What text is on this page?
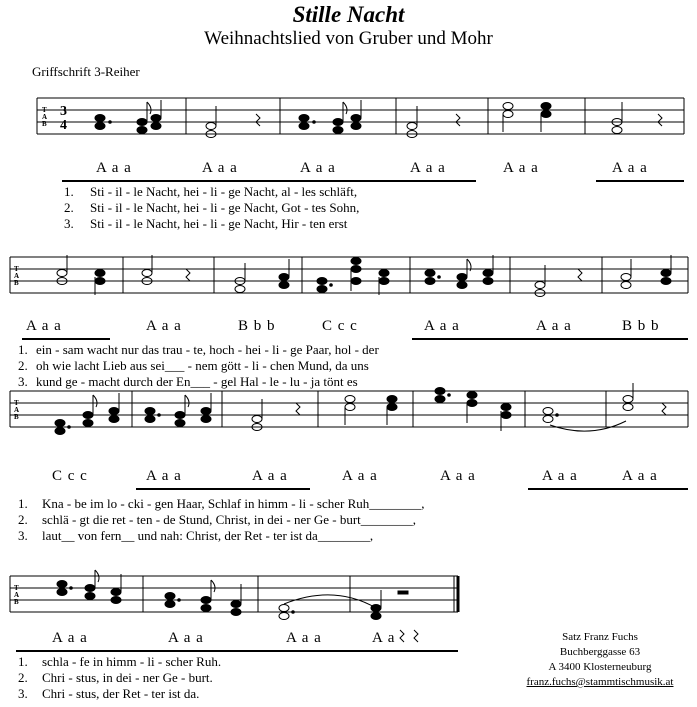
Stille Nacht
Weihnachtslied von Gruber und Mohr
Griffschrift 3-Reiher
T
A
B
3
4
A a a	A a a	A a a	A a a	A a a	A a a
1. Sti - il - le Nacht, hei - li - ge Nacht, al - les schläft,
2. Sti - il - le Nacht, hei - li - ge Nacht, Got - tes Sohn,
3. Sti - il - le Nacht, hei - li - ge Nacht, Hir - ten erst
T
A
B
A a a	A a a	B b b	C c c	A a a	A a a	B b b
1. ein - sam wacht nur das trau - te, hoch - hei - li - ge Paar, hol - der
2. oh wie lacht Lieb aus sei___ - nem gött - li - chen Mund, da uns
3. kund ge - macht durch der En___ - gel Hal - le - lu - ja tönt es
T
A
B
C c c	A a a	A a a	A a a	A a a	A a a	A a a
1. Kna - be im lo - cki - gen Haar, Schlaf in himm - li - scher Ruh________,
2. schlä - gt die ret - ten - de Stund, Christ, in dei - ner Ge - burt________,
3. laut__ von fern__ und nah: Christ, der Ret - ter ist da________,
T
A
B
A a a	A a a	A a a	A a
1. schla - fe in himm - li - scher Ruh.
2. Chri - stus, in dei - ner Ge - burt.
3. Chri - stus, der Ret - ter ist da.
Satz Franz Fuchs
Buchberggasse 63
A 3400 Klosterneuburg
franz.fuchs@stammtischmusik.at
